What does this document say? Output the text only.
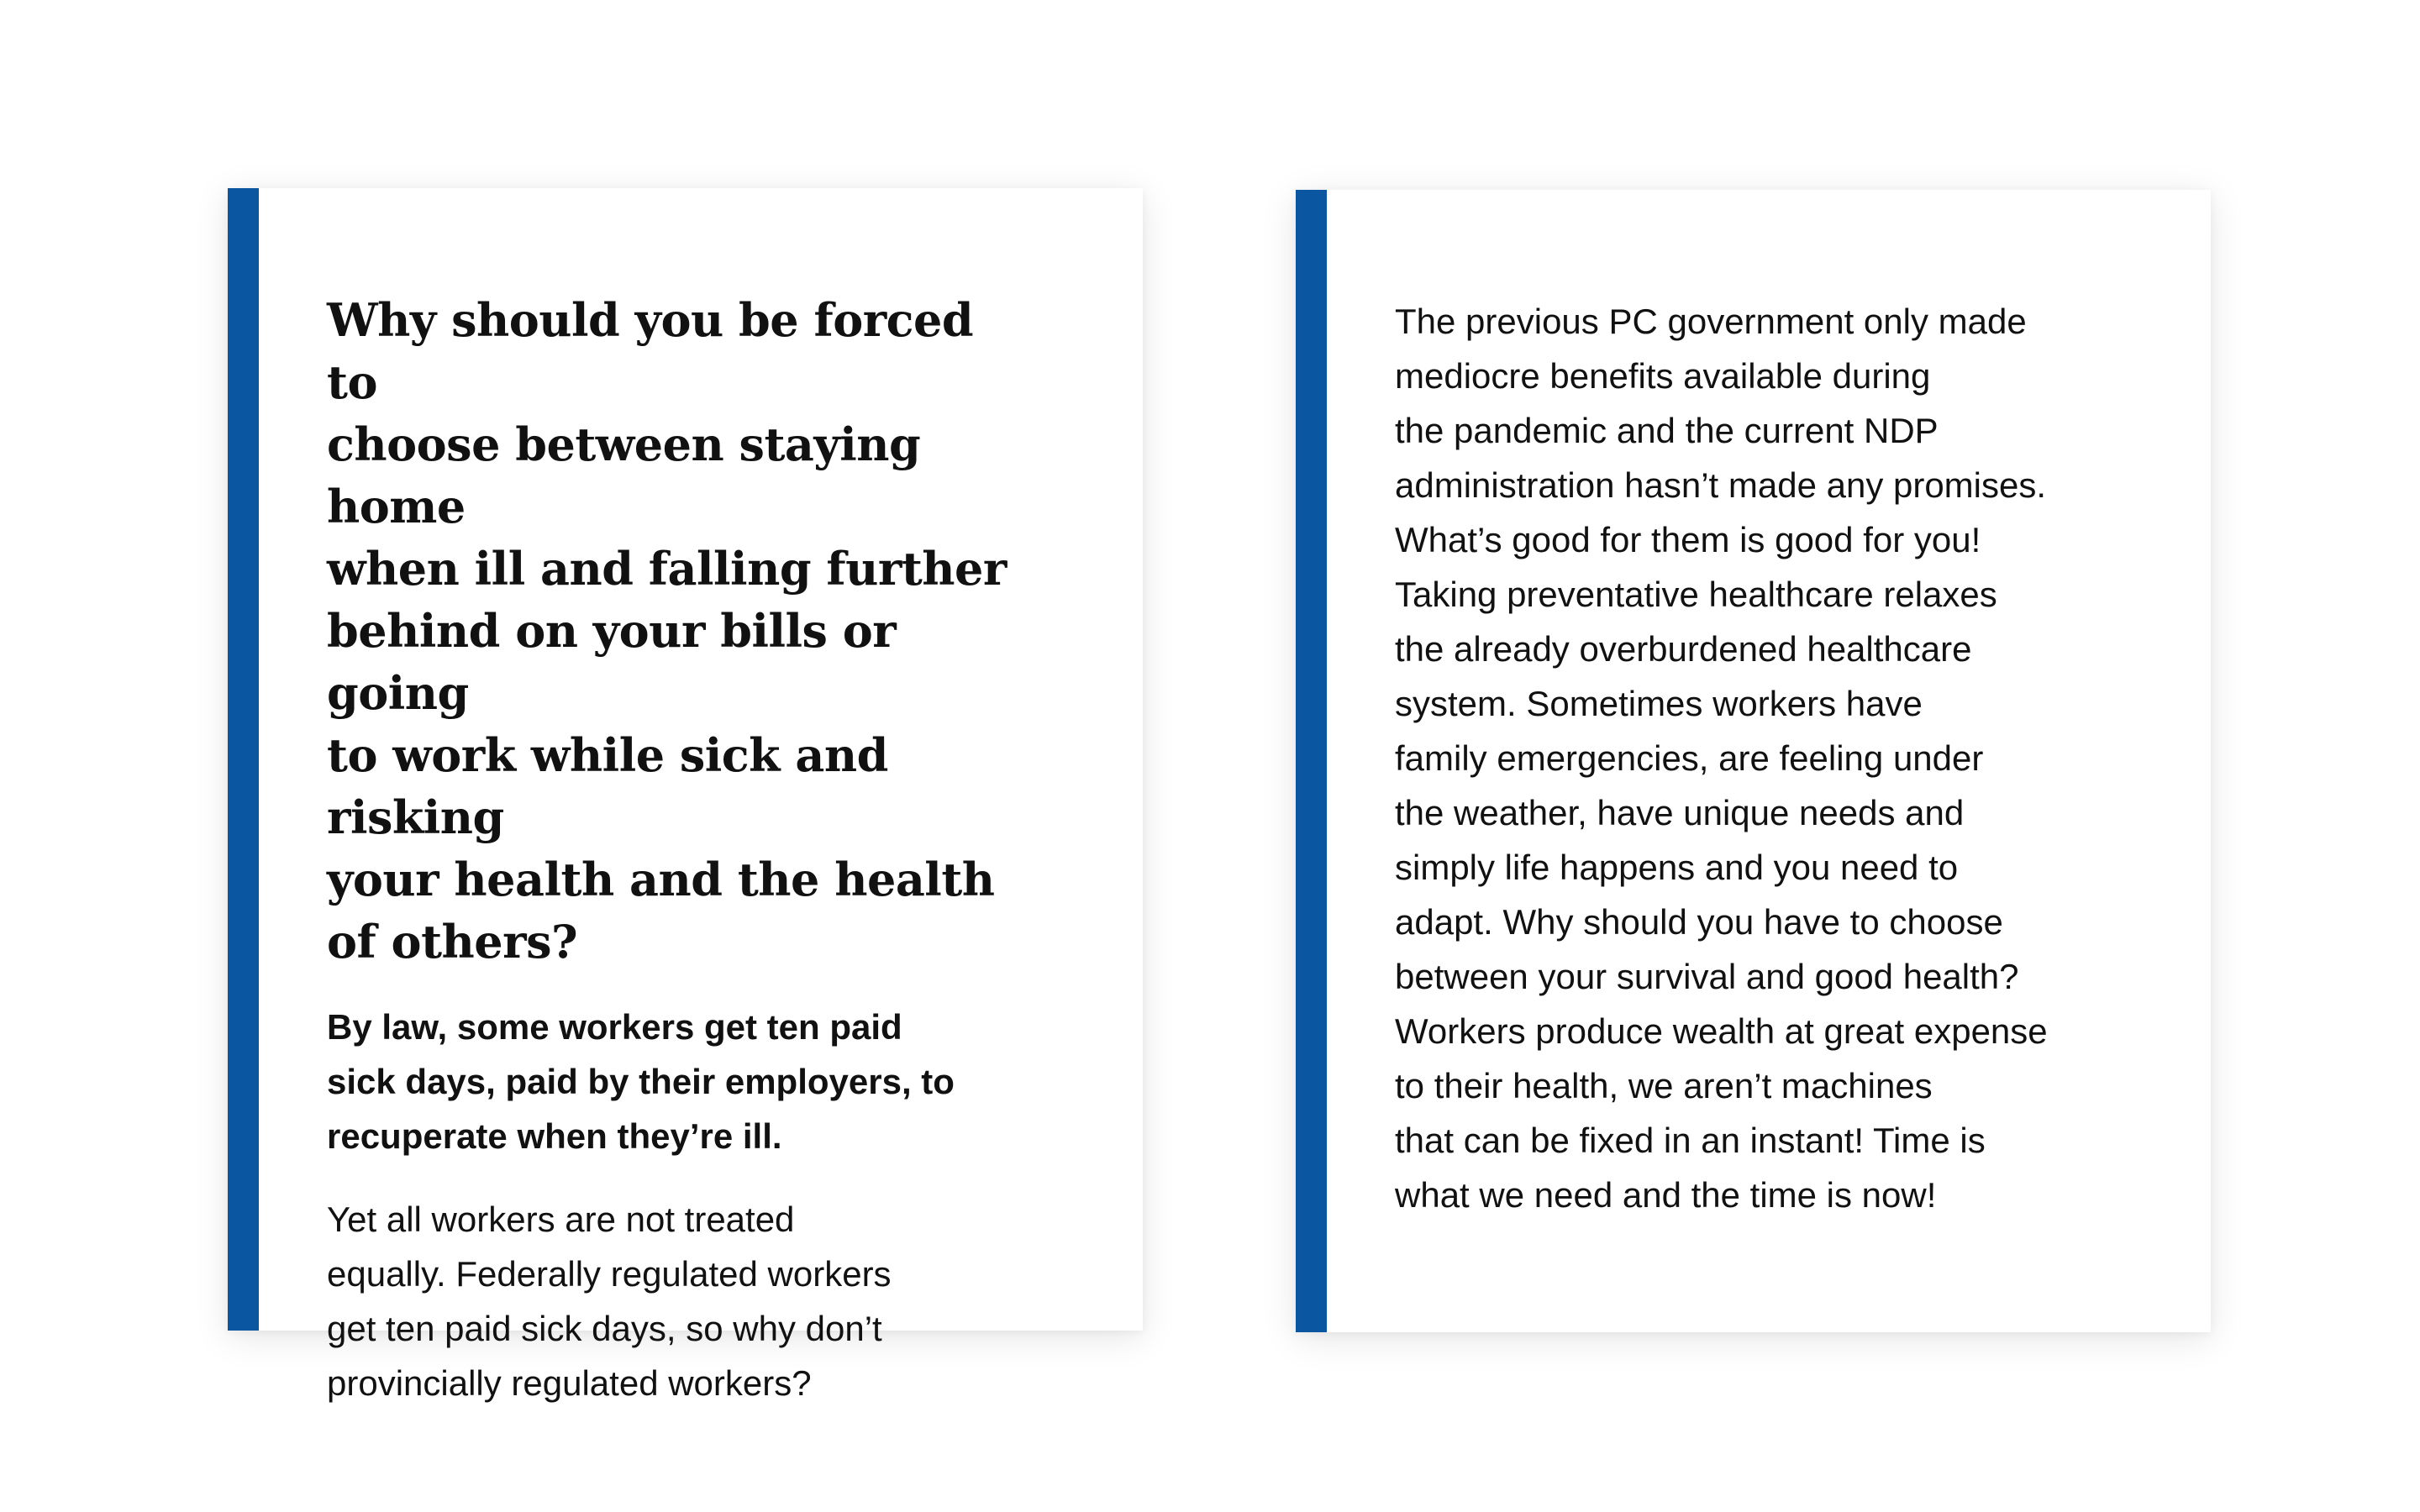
Why should you be forced to
choose between staying home
when ill and falling further
behind on your bills or going
to work while sick and risking
your health and the health
of others?

By law, some workers get ten paid
sick days, paid by their employers, to
recuperate when they’re ill.

Yet all workers are not treated
equally. Federally regulated workers
get ten paid sick days, so why don’t
provincially regulated workers?

The previous PC government only made
mediocre benefits available during
the pandemic and the current NDP
administration hasn’t made any promises.
What’s good for them is good for you!
Taking preventative healthcare relaxes
the already overburdened healthcare
system. Sometimes workers have
family emergencies, are feeling under
the weather, have unique needs and
simply life happens and you need to
adapt. Why should you have to choose
between your survival and good health?
Workers produce wealth at great expense
to their health, we aren’t machines
that can be fixed in an instant! Time is
what we need and the time is now!
